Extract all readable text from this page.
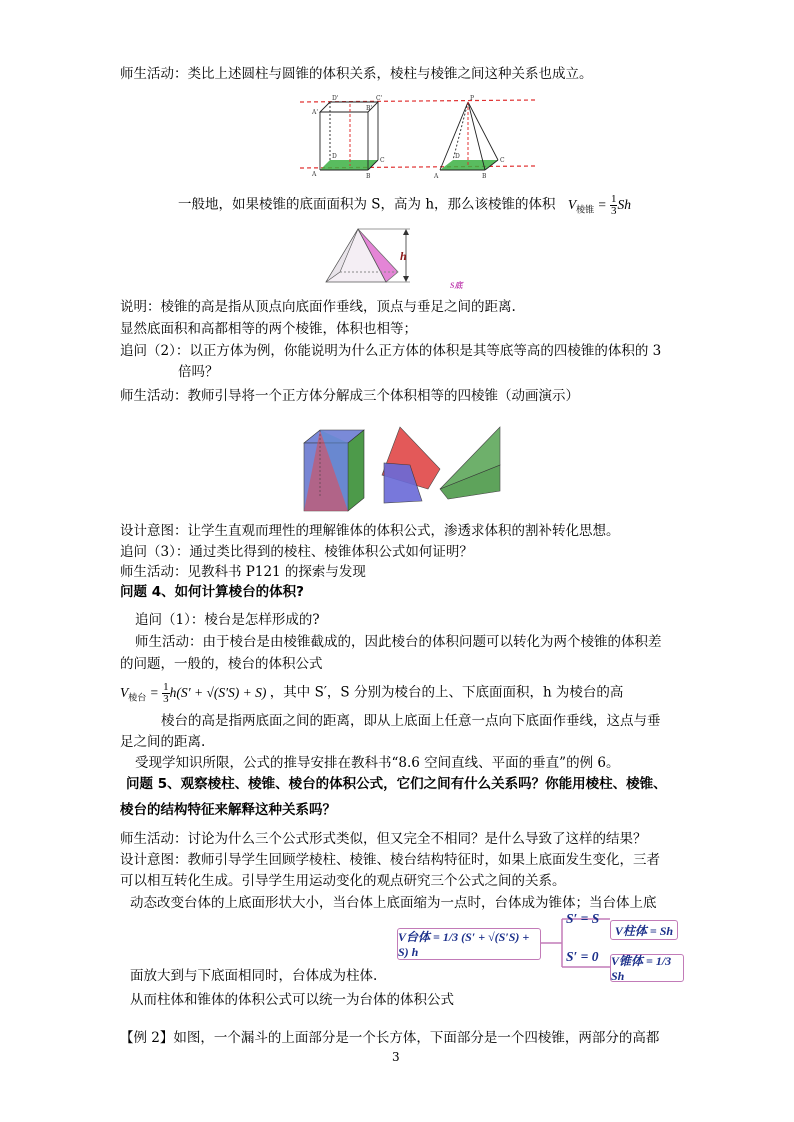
师生活动：类比上述圆柱与圆锥的体积关系，棱柱与棱锥之间这种关系也成立。
D'	C'
A'
B'
D
C
A	B
P
D
C
A	B
一般地，如果棱锥的底面面积为 S，高为 h，那么该棱锥的体积 $V_{棱锥} = \frac{1}{3}$ Sh
h
S底
说明：棱锥的高是指从顶点向底面作垂线，顶点与垂足之间的距离.
显然底面积和高都相等的两个棱锥，体积也相等；
追问（2）：以正方体为例，你能说明为什么正方体的体积是其等底等高的四棱锥的体积的 3
倍吗？
师生活动：教师引导将一个正方体分解成三个体积相等的四棱锥（动画演示）
设计意图：让学生直观而理性的理解锥体的体积公式，渗透求体积的割补转化思想。
追问（3）：通过类比得到的棱柱、棱锥体积公式如何证明？
师生活动：见教科书 P121 的探索与发现
问题 4、如何计算棱台的体积?
追问（1）：棱台是怎样形成的?
师生活动：由于棱台是由棱锥截成的，因此棱台的体积问题可以转化为两个棱锥的体积差
的问题，一般的，棱台的体积公式
$V_{棱台} = \frac{1}{3} h(S' + √(S'S) + S)$ ，其中 S′，S 分别为棱台的上、下底面面积，h 为棱台的高
棱台的高是指两底面之间的距离，即从上底面上任意一点向下底面作垂线，这点与垂
足之间的距离.
受现学知识所限，公式的推导安排在教科书“8.6 空间直线、平面的垂直”的例 6。
问题 5、观察棱柱、棱锥、棱台的体积公式，它们之间有什么关系吗？你能用棱柱、棱锥、
棱台的结构特征来解释这种关系吗？
师生活动：讨论为什么三个公式形式类似，但又完全不相同？是什么导致了这样的结果？
设计意图：教师引导学生回顾学棱柱、棱锥、棱台结构特征时，如果上底面发生变化，三者
可以相互转化生成。引导学生用运动变化的观点研究三个公式之间的关系。
动态改变台体的上底面形状大小，当台体上底面缩为一点时，台体成为锥体；当台体上底
V台体 = 1/3 (S′ + √(S′S) + S) h
S′ = S
V柱体 = Sh
S′ = 0 V锥体 = 1/3 Sh
面放大到与下底面相同时，台体成为柱体.
从而柱体和锥体的体积公式可以统一为台体的体积公式
【例 2】如图，一个漏斗的上面部分是一个长方体，下面部分是一个四棱锥，两部分的高都
3
